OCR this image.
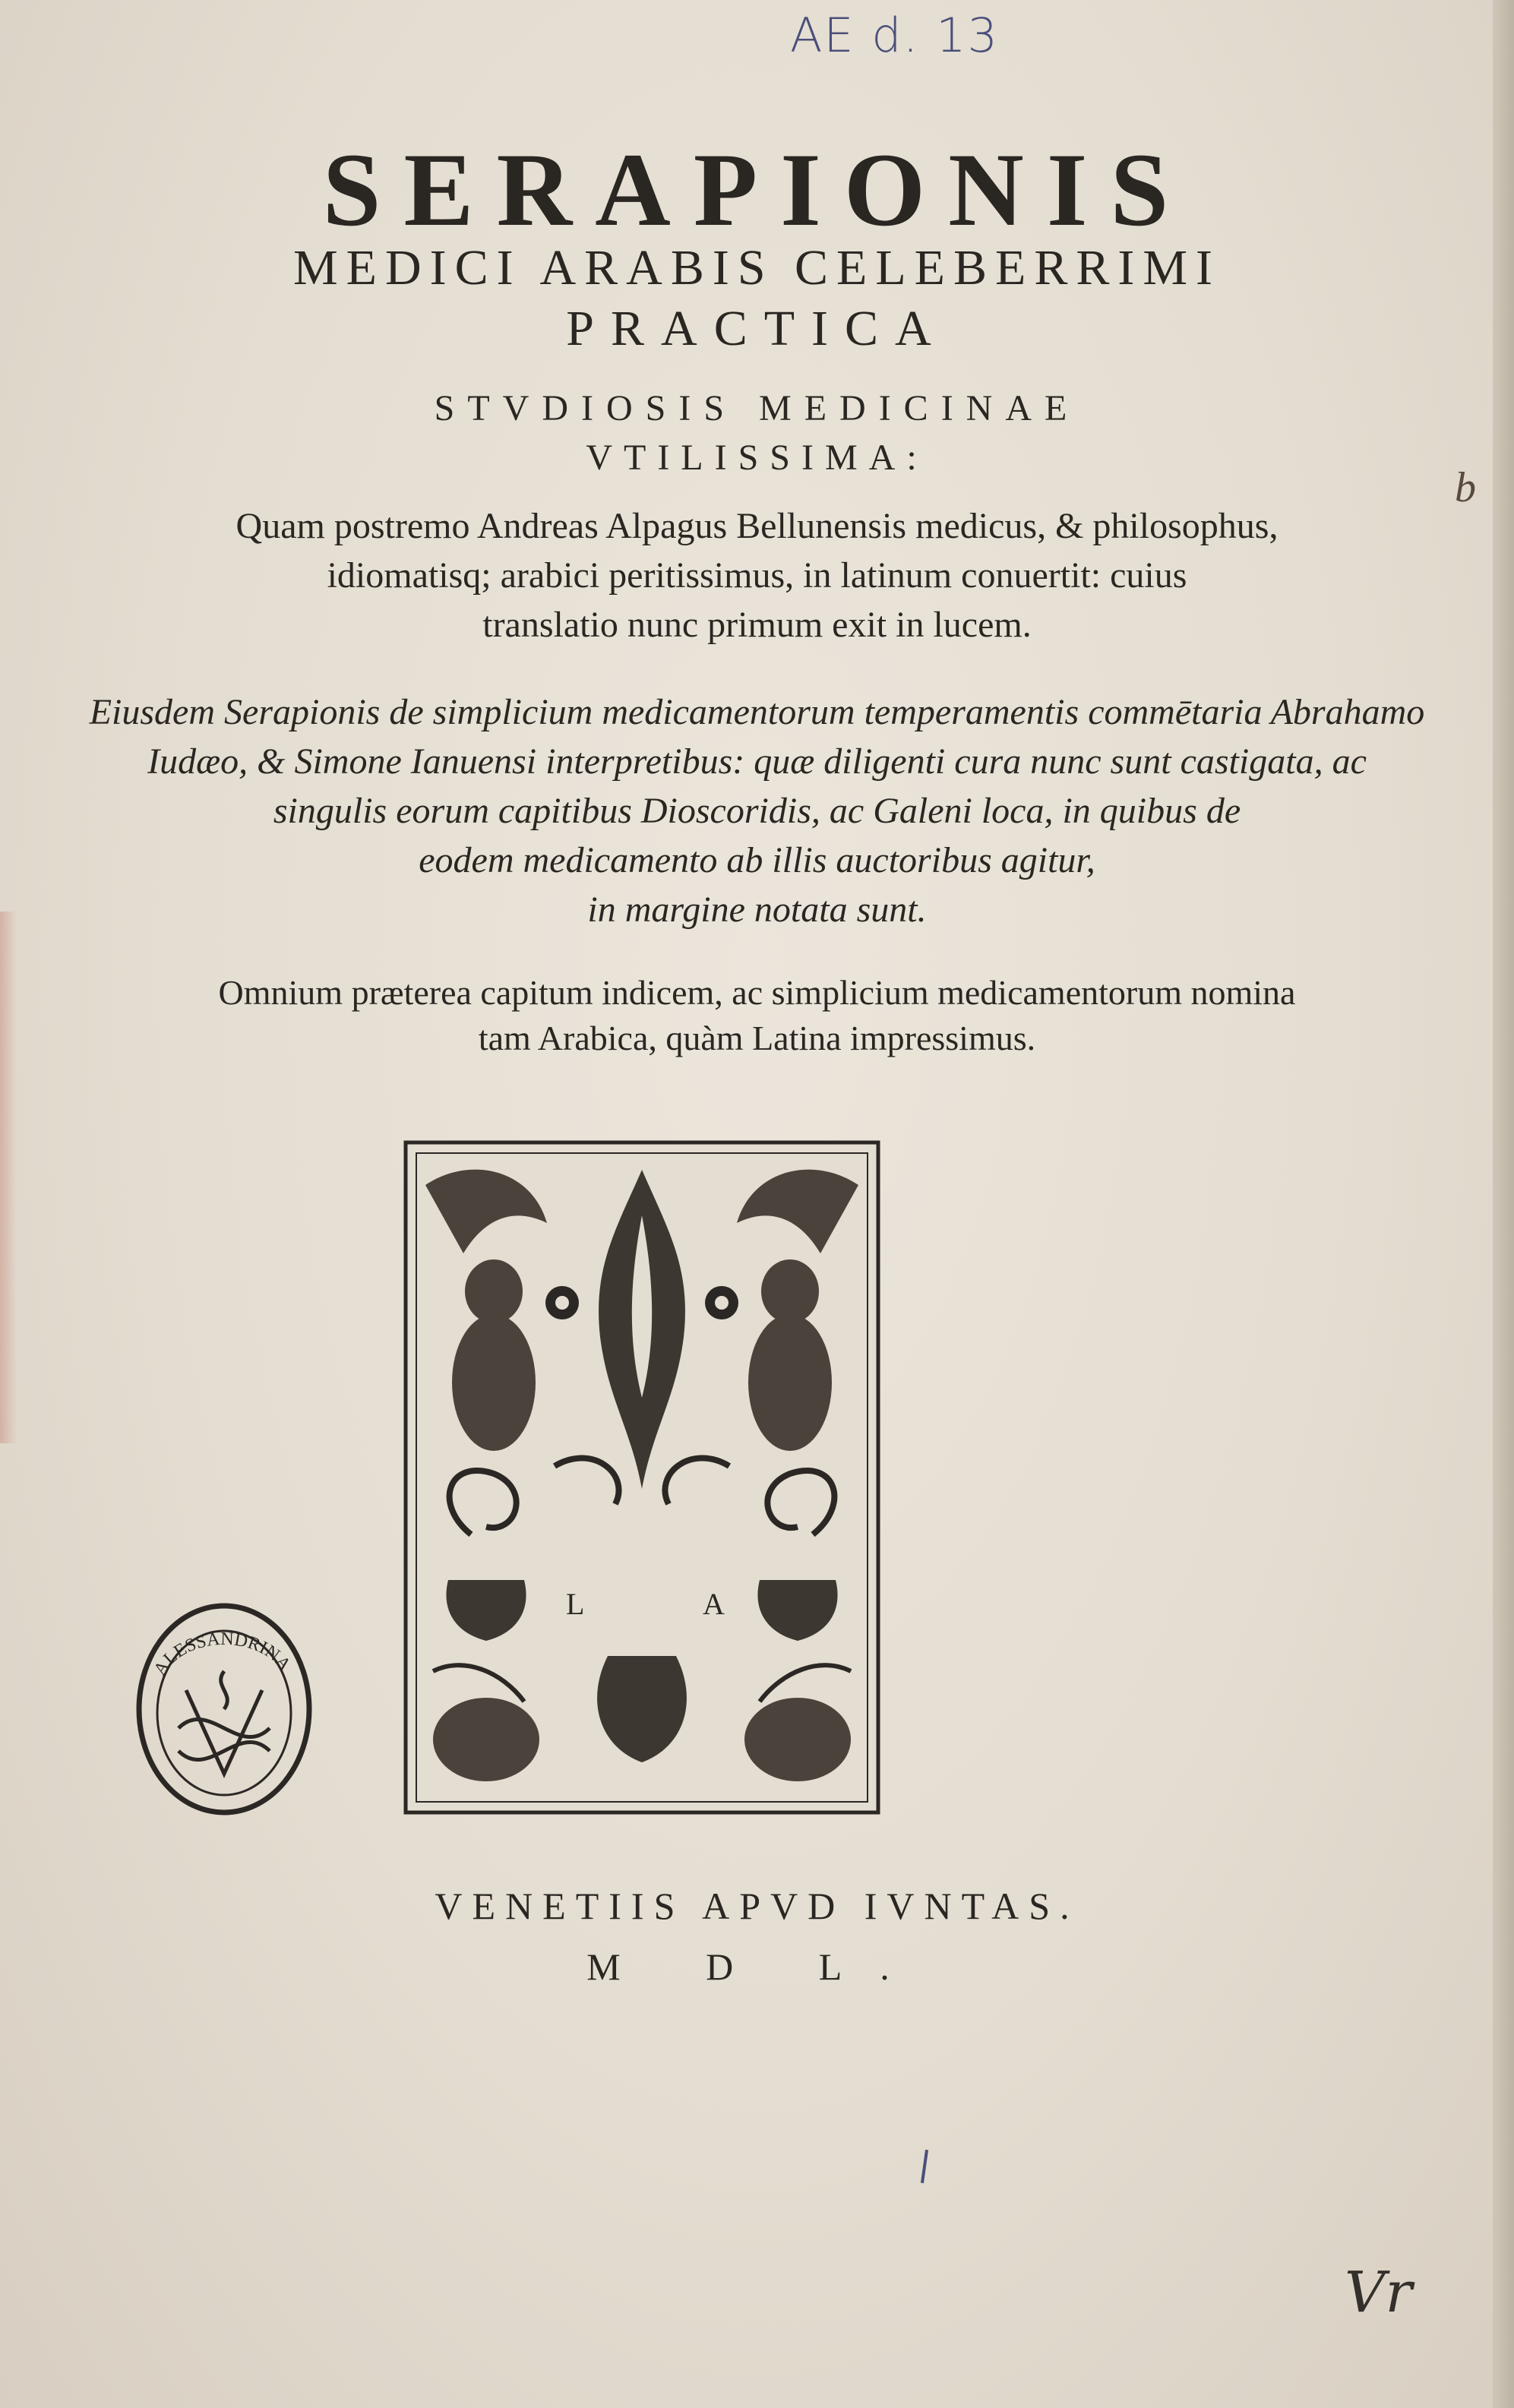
AE d. 13
b
Vr
SERAPIONIS
MEDICI ARABIS CELEBERRIMI
PRACTICA
STVDIOSIS MEDICINAE
VTILISSIMA:
Quam postremo Andreas Alpagus Bellunensis medicus, & philosophus,
idiomatisq; arabici peritissimus, in latinum conuertit: cuius
translatio nunc primum exit in lucem.
Eiusdem Serapionis de simplicium medicamentorum temperamentis commētaria Abrahamo
Iudæo, & Simone Ianuensi interpretibus: quæ diligenti cura nunc sunt castigata, ac
singulis eorum capitibus Dioscoridis, ac Galeni loca, in quibus de
eodem medicamento ab illis auctoribus agitur,
in margine notata sunt.
Omnium præterea capitum indicem, ac simplicium medicamentorum nomina
tam Arabica, quàm Latina impressimus.
L	A
ALESSANDRINA
VENETIIS APVD IVNTAS.
M D L.
